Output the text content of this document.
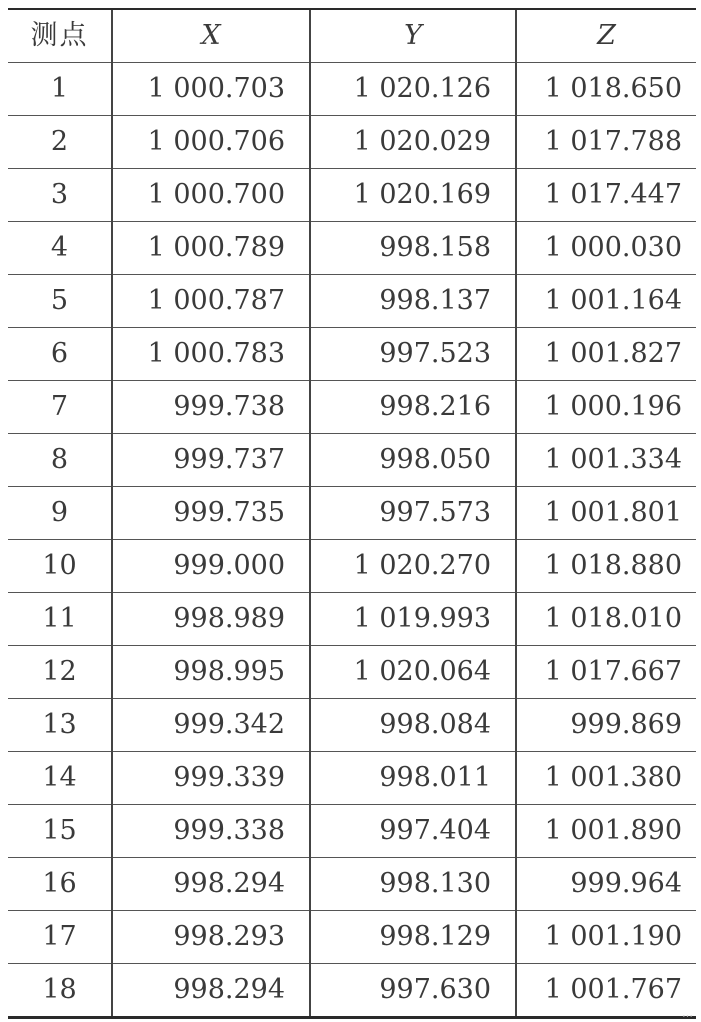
测点	X	Y	Z
1	1 000.703	1 020.126	1 018.650
2	1 000.706	1 020.029	1 017.788
3	1 000.700	1 020.169	1 017.447
4	1 000.789	998.158	1 000.030
5	1 000.787	998.137	1 001.164
6	1 000.783	997.523	1 001.827
7	999.738	998.216	1 000.196
8	999.737	998.050	1 001.334
9	999.735	997.573	1 001.801
10	999.000	1 020.270	1 018.880
11	998.989	1 019.993	1 018.010
12	998.995	1 020.064	1 017.667
13	999.342	998.084	999.869
14	999.339	998.011	1 001.380
15	999.338	997.404	1 001.890
16	998.294	998.130	999.964
17	998.293	998.129	1 001.190
18	998.294	997.630	1 001.767
…
